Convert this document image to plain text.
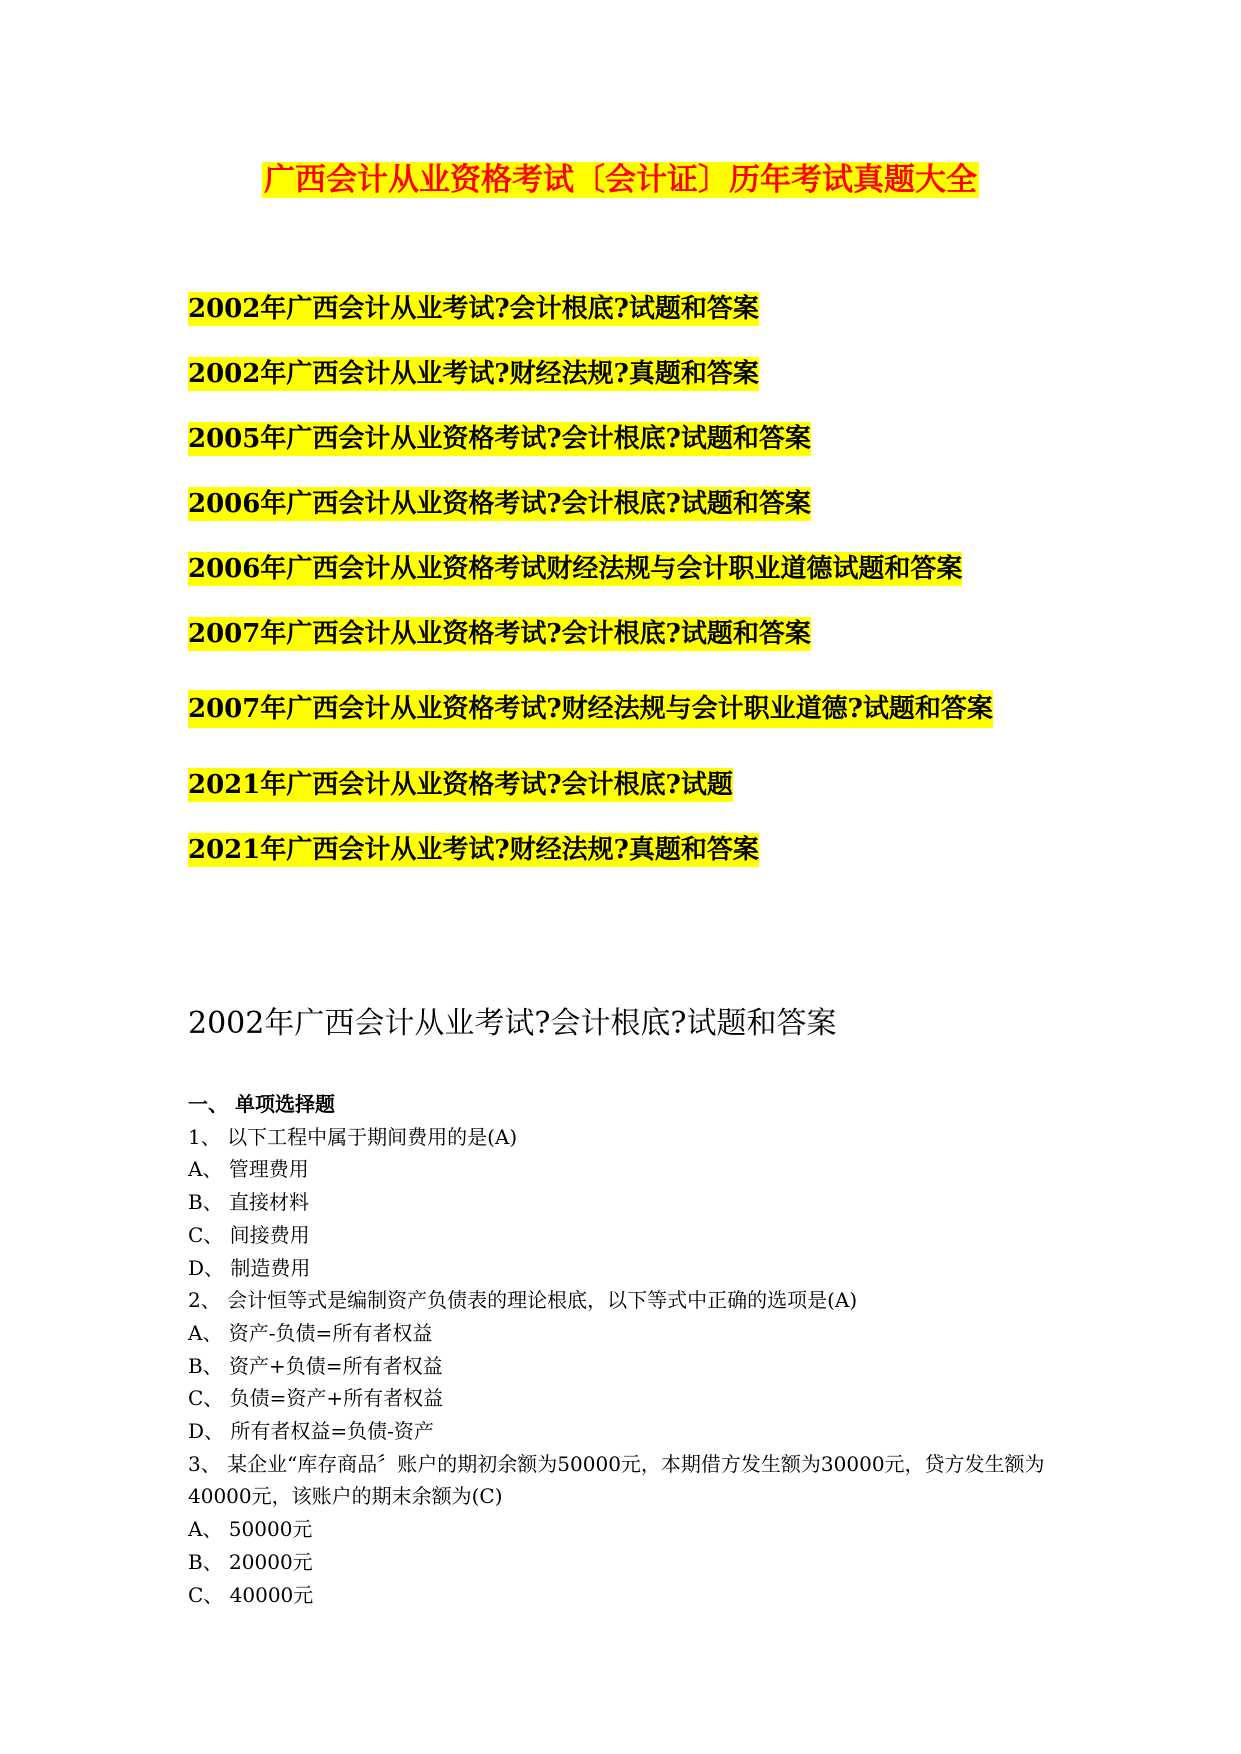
广西会计从业资格考试〔会计证〕历年考试真题大全
2002年广西会计从业考试?会计根底?试题和答案
2002年广西会计从业考试?财经法规?真题和答案
2005年广西会计从业资格考试?会计根底?试题和答案
2006年广西会计从业资格考试?会计根底?试题和答案
2006年广西会计从业资格考试财经法规与会计职业道德试题和答案
2007年广西会计从业资格考试?会计根底?试题和答案
2007年广西会计从业资格考试?财经法规与会计职业道德?试题和答案
2021年广西会计从业资格考试?会计根底?试题
2021年广西会计从业考试?财经法规?真题和答案
2002年广西会计从业考试?会计根底?试题和答案
一、 单项选择题
1、 以下工程中属于期间费用的是(A)
A、 管理费用
B、 直接材料
C、 间接费用
D、 制造费用
2、 会计恒等式是编制资产负债表的理论根底，以下等式中正确的选项是(A)
A、 资产-负债=所有者权益
B、 资产+负债=所有者权益
C、 负债=资产+所有者权益
D、 所有者权益=负债-资产
3、 某企业“库存商品〞账户的期初余额为50000元，本期借方发生额为30000元，贷方发生额为40000元，该账户的期末余额为(C)
A、 50000元
B、 20000元
C、 40000元
